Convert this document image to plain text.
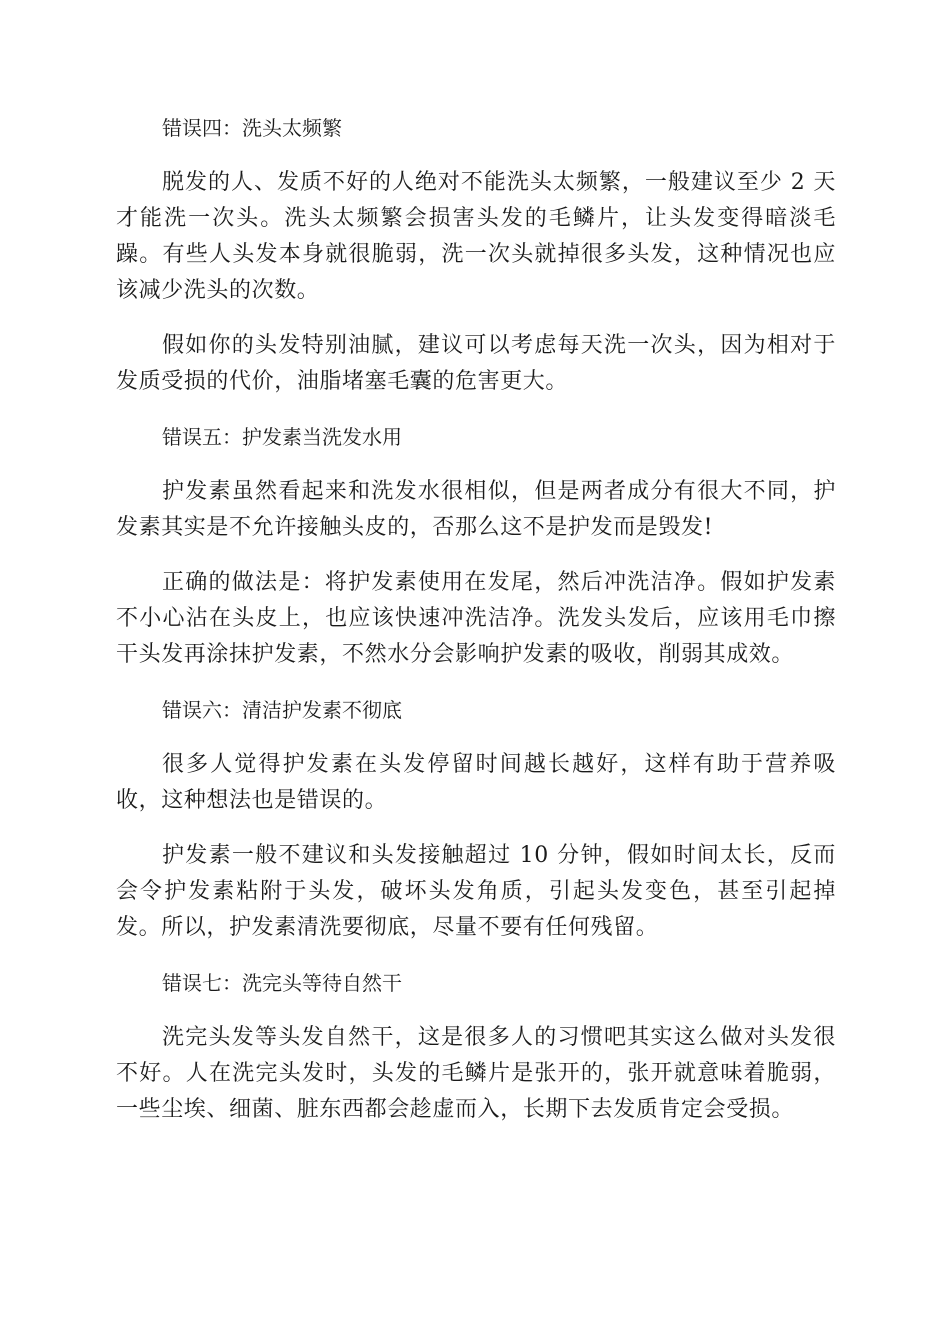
错误四：洗头太频繁

脱发的人、发质不好的人绝对不能洗头太频繁，一般建议至少 2 天才能洗一次头。洗头太频繁会损害头发的毛鳞片，让头发变得暗淡毛躁。有些人头发本身就很脆弱，洗一次头就掉很多头发，这种情况也应该减少洗头的次数。

假如你的头发特别油腻，建议可以考虑每天洗一次头，因为相对于发质受损的代价，油脂堵塞毛囊的危害更大。

错误五：护发素当洗发水用

护发素虽然看起来和洗发水很相似，但是两者成分有很大不同，护发素其实是不允许接触头皮的，否那么这不是护发而是毁发!

正确的做法是：将护发素使用在发尾，然后冲洗洁净。假如护发素不小心沾在头皮上，也应该快速冲洗洁净。洗发头发后，应该用毛巾擦干头发再涂抹护发素，不然水分会影响护发素的吸收，削弱其成效。

错误六：清洁护发素不彻底

很多人觉得护发素在头发停留时间越长越好，这样有助于营养吸收，这种想法也是错误的。

护发素一般不建议和头发接触超过 10 分钟，假如时间太长，反而会令护发素粘附于头发，破坏头发角质，引起头发变色，甚至引起掉发。所以，护发素清洗要彻底，尽量不要有任何残留。

错误七：洗完头等待自然干

洗完头发等头发自然干，这是很多人的习惯吧其实这么做对头发很不好。人在洗完头发时，头发的毛鳞片是张开的，张开就意味着脆弱，一些尘埃、细菌、脏东西都会趁虚而入，长期下去发质肯定会受损。
